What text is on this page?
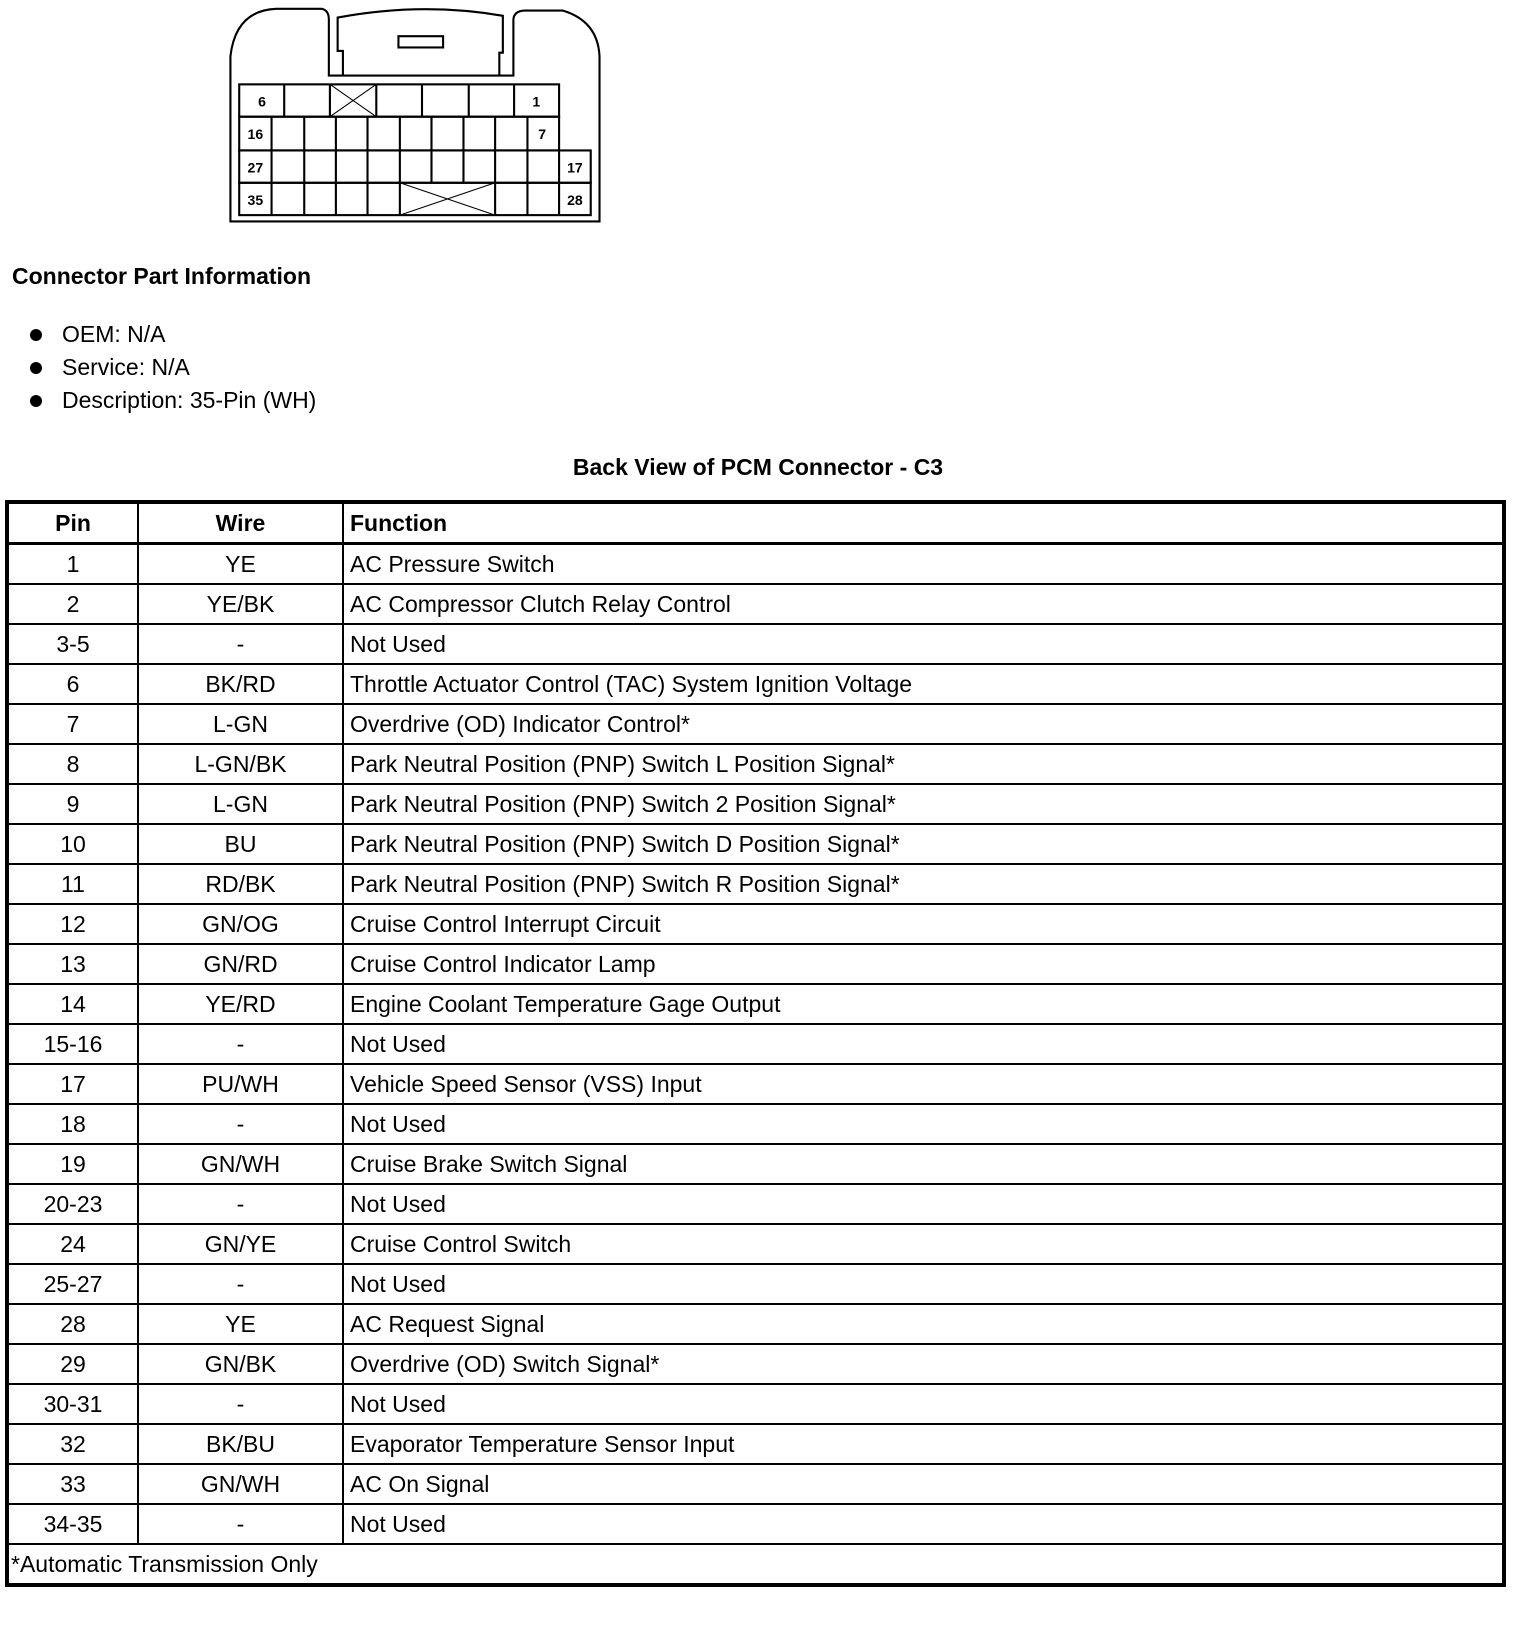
6	1
16	7
27	17
35	28
Connector Part Information
OEM: N/A
Service: N/A
Description: 35-Pin (WH)
Back View of PCM Connector - C3
Pin	Wire	Function
1	YE	AC Pressure Switch
2	YE/BK	AC Compressor Clutch Relay Control
3-5	-	Not Used
6	BK/RD	Throttle Actuator Control (TAC) System Ignition Voltage
7	L-GN	Overdrive (OD) Indicator Control*
8	L-GN/BK	Park Neutral Position (PNP) Switch L Position Signal*
9	L-GN	Park Neutral Position (PNP) Switch 2 Position Signal*
10	BU	Park Neutral Position (PNP) Switch D Position Signal*
11	RD/BK	Park Neutral Position (PNP) Switch R Position Signal*
12	GN/OG	Cruise Control Interrupt Circuit
13	GN/RD	Cruise Control Indicator Lamp
14	YE/RD	Engine Coolant Temperature Gage Output
15-16	-	Not Used
17	PU/WH	Vehicle Speed Sensor (VSS) Input
18	-	Not Used
19	GN/WH	Cruise Brake Switch Signal
20-23	-	Not Used
24	GN/YE	Cruise Control Switch
25-27	-	Not Used
28	YE	AC Request Signal
29	GN/BK	Overdrive (OD) Switch Signal*
30-31	-	Not Used
32	BK/BU	Evaporator Temperature Sensor Input
33	GN/WH	AC On Signal
34-35	-	Not Used
*Automatic Transmission Only		
